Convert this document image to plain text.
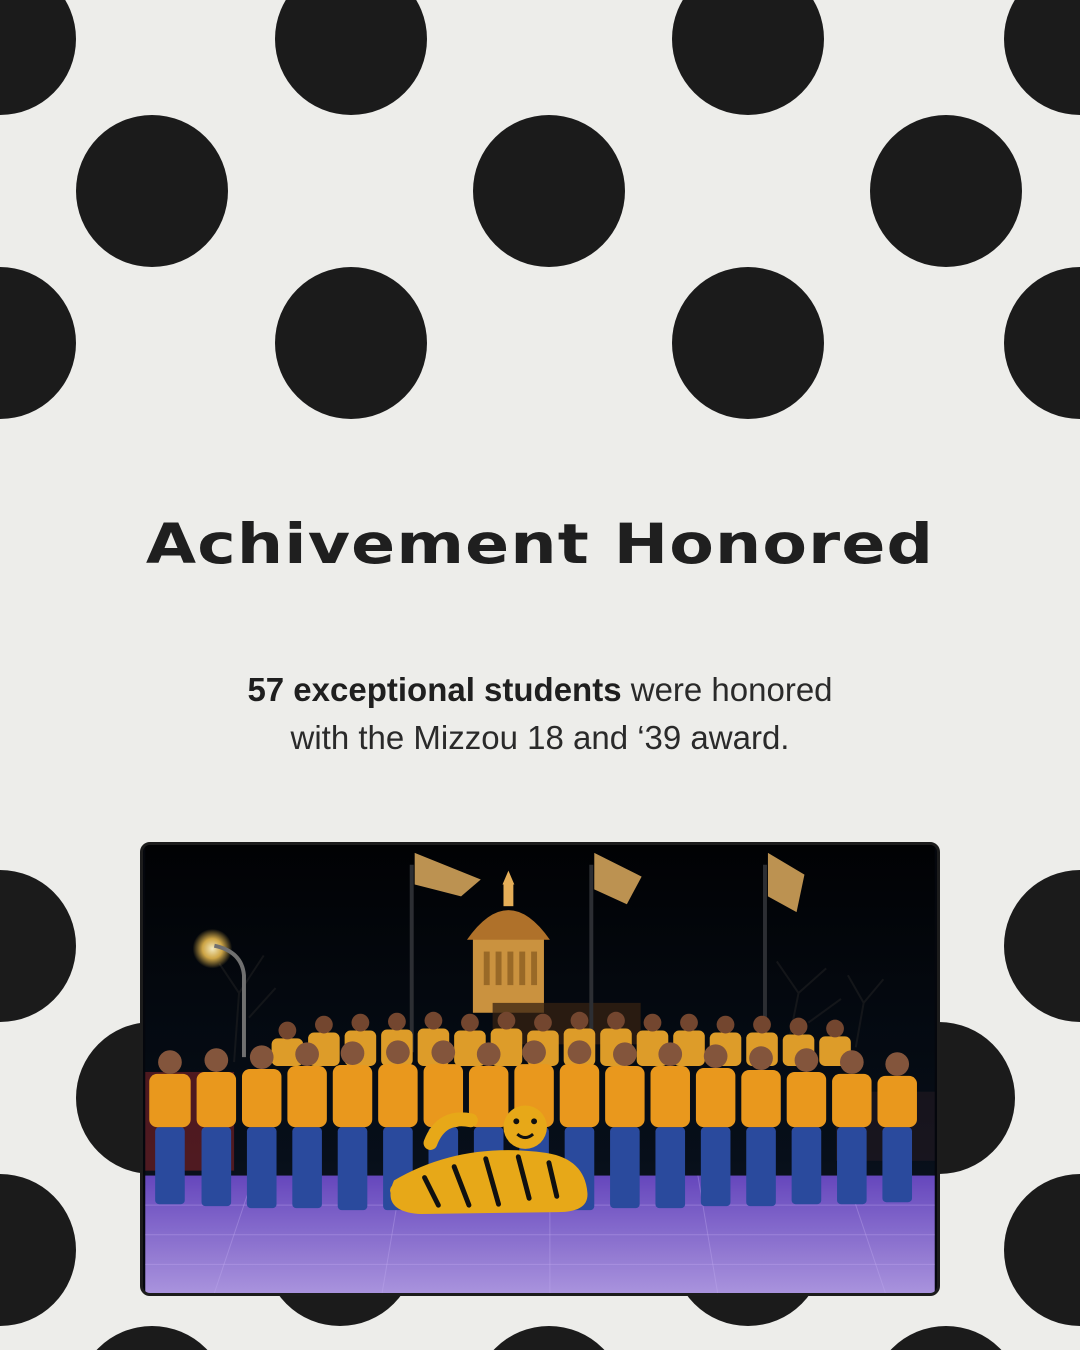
Achivement Honored
57 exceptional students were honored
with the Mizzou 18 and ‘39 award.
